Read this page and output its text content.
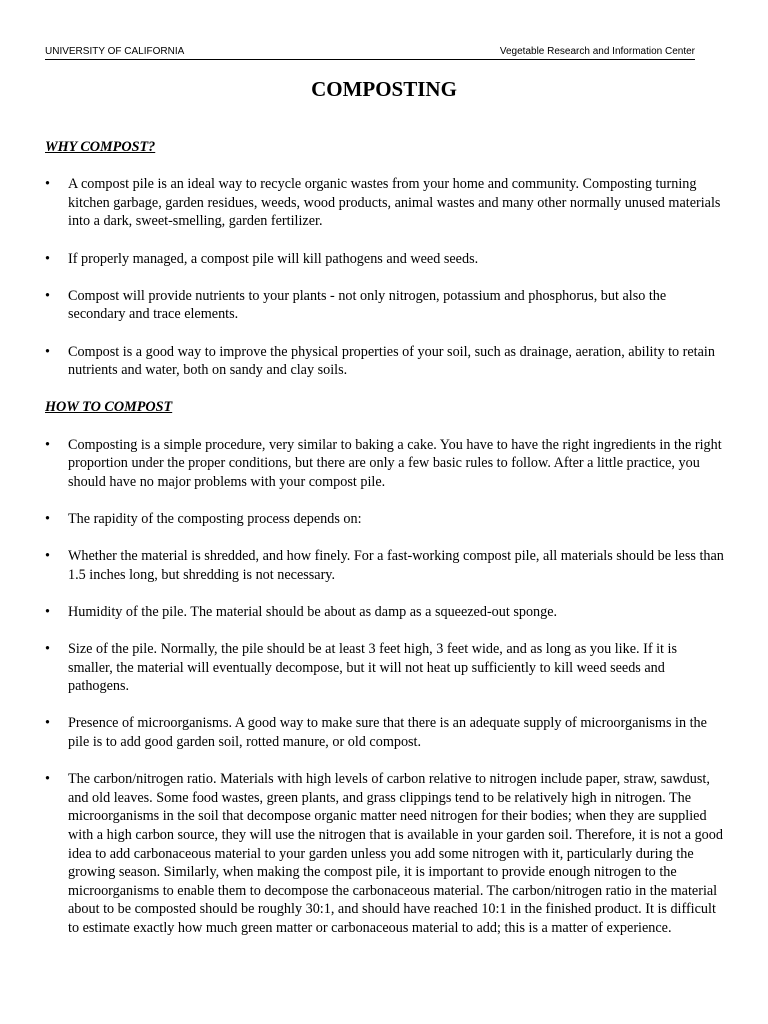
UNIVERSITY OF CALIFORNIA	Vegetable Research and Information Center
COMPOSTING

WHY COMPOST?

• A compost pile is an ideal way to recycle organic wastes from your home and community. Composting turning kitchen garbage, garden residues, weeds, wood products, animal wastes and many other normally unused materials into a dark, sweet-smelling, garden fertilizer.
• If properly managed, a compost pile will kill pathogens and weed seeds.
• Compost will provide nutrients to your plants - not only nitrogen, potassium and phosphorus, but also the secondary and trace elements.
• Compost is a good way to improve the physical properties of your soil, such as drainage, aeration, ability to retain nutrients and water, both on sandy and clay soils.

HOW TO COMPOST

• Composting is a simple procedure, very similar to baking a cake. You have to have the right ingredients in the right proportion under the proper conditions, but there are only a few basic rules to follow. After a little practice, you should have no major problems with your compost pile.
• The rapidity of the composting process depends on:
• Whether the material is shredded, and how finely. For a fast-working compost pile, all materials should be less than 1.5 inches long, but shredding is not necessary.
• Humidity of the pile. The material should be about as damp as a squeezed-out sponge.
• Size of the pile. Normally, the pile should be at least 3 feet high, 3 feet wide, and as long as you like. If it is smaller, the material will eventually decompose, but it will not heat up sufficiently to kill weed seeds and pathogens.
• Presence of microorganisms. A good way to make sure that there is an adequate supply of microorganisms in the pile is to add good garden soil, rotted manure, or old compost.
• The carbon/nitrogen ratio. Materials with high levels of carbon relative to nitrogen include paper, straw, sawdust, and old leaves. Some food wastes, green plants, and grass clippings tend to be relatively high in nitrogen. The microorganisms in the soil that decompose organic matter need nitrogen for their bodies; when they are supplied with a high carbon source, they will use the nitrogen that is available in your garden soil. Therefore, it is not a good idea to add carbonaceous material to your garden unless you add some nitrogen with it, particularly during the growing season. Similarly, when making the compost pile, it is important to provide enough nitrogen to the microorganisms to enable them to decompose the carbonaceous material. The carbon/nitrogen ratio in the material about to be composted should be roughly 30:1, and should have reached 10:1 in the finished product. It is difficult to estimate exactly how much green matter or carbonaceous material to add; this is a matter of experience.
